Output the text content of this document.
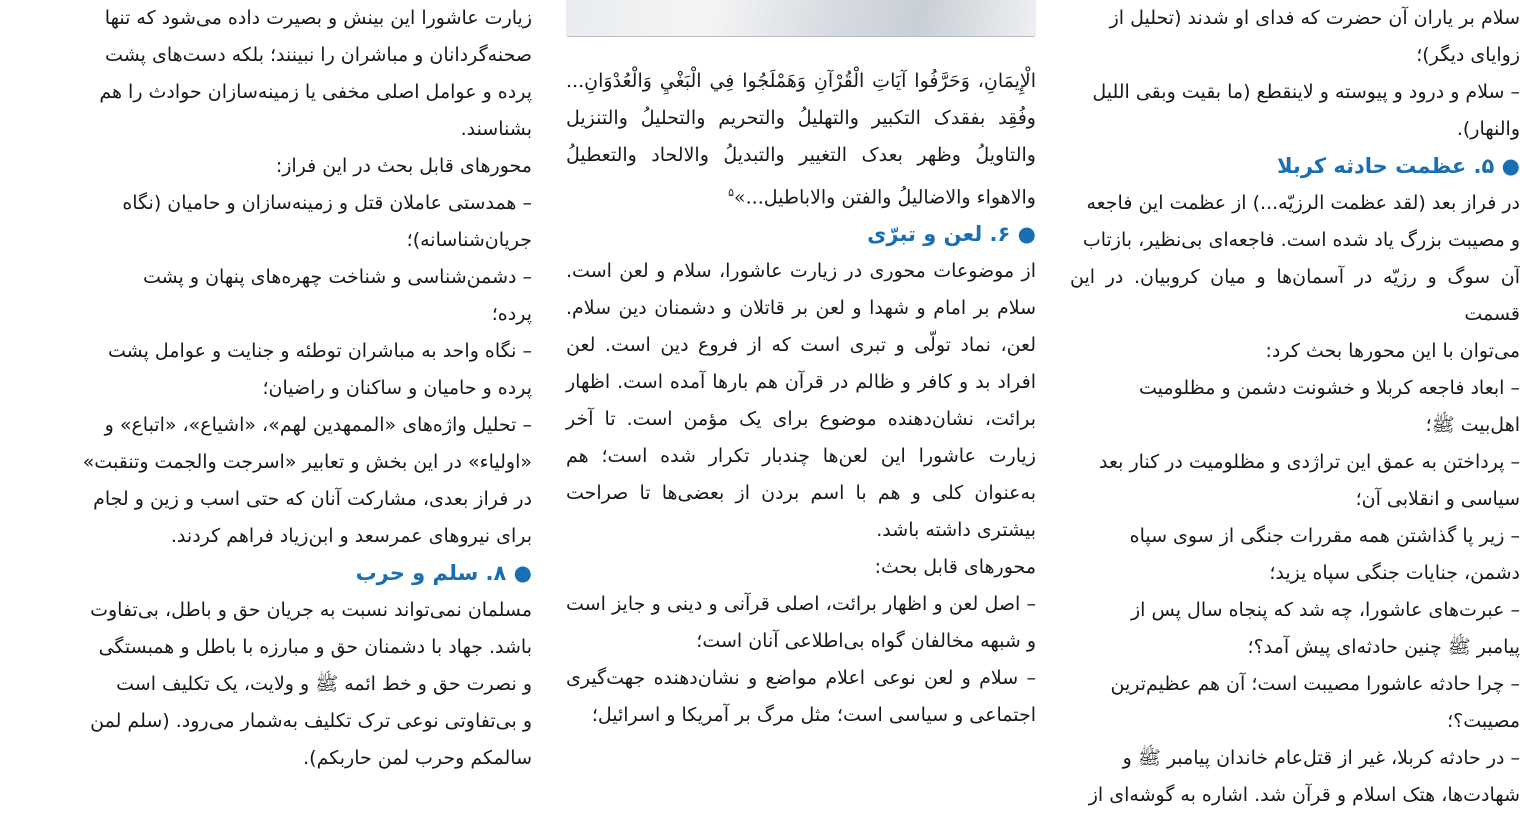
زیارت عاشورا این بینش و بصیرت داده می‌شود که تنها

صحنه‌گردانان و مباشران را نبینند؛ بلکه دست‌های پشت

پرده و عوامل اصلی مخفی یا زمینه‌سازان حوادث را هم

بشناسند.

محورهای قابل بحث در این فراز:

– همدستی عاملان قتل و زمینه‌سازان و حامیان (نگاه

جریان‌شناسانه)؛

– دشمن‌شناسی و شناخت چهره‌های پنهان و پشت

پرده؛

– نگاه واحد به مباشران توطئه و جنایت و عوامل پشت

پرده و حامیان و ساکنان و راضیان؛

– تحلیل واژه‌های «الممهدین لهم»، «اشیاع»، «اتباع» و

«اولیاء» در این بخش و تعابیر «اسرجت والجمت وتنقبت»

در فراز بعدی، مشارکت آنان که حتی اسب و زین و لجام

برای نیروهای عمرسعد و ابن‌زیاد فراهم کردند.

● ۸. سلم و حرب

مسلمان نمی‌تواند نسبت به جریان حق و باطل، بی‌تفاوت

باشد. جهاد با دشمنان حق و مبارزه با باطل و همبستگی

و نصرت حق و خط ائمه ﷺ و ولایت، یک تکلیف است

و بی‌تفاوتی نوعی ترک تکلیف به‌شمار می‌رود. (سلم لمن

سالمکم وحرب لمن حاربکم).

الْإِيمَانِ، وَحَرَّفُوا آيَاتِ الْقُرْآنِ وَهَمْلَجُوا فِي الْبَغْيِ وَالْعُدْوَانِ... وفُقِد بفقدک التکبیر والتهلیلُ والتحریم والتحلیلُ والتنزیل والتاویلُ وظهر بعدک التغییر والتبدیلُ والالحاد والتعطیلُ والاهواء والاضالیلُ والفتن والاباطیل...»$^۵$

● ۶. لعن و تبرّی

از موضوعات محوری در زیارت عاشورا، سلام و لعن است. سلام بر امام و شهدا و لعن بر قاتلان و دشمنان دین سلام. لعن، نماد تولّی و تبری است که از فروع دین است. لعن افراد بد و کافر و ظالم در قرآن هم بارها آمده است. اظهار برائت، نشان‌دهنده موضوع برای یک مؤمن است. تا آخر زیارت عاشورا این لعن‌ها چندبار تکرار شده است؛ هم به‌عنوان کلی و هم با اسم بردن از بعضی‌ها تا صراحت بیشتری داشته باشد.

محورهای قابل بحث:

– اصل لعن و اظهار برائت، اصلی قرآنی و دینی و جایز است و شبهه مخالفان گواه بی‌اطلاعی آنان است؛

– سلام و لعن نوعی اعلام مواضع و نشان‌دهنده جهت‌گیری اجتماعی و سیاسی است؛ مثل مرگ بر آمریکا و اسرائیل؛

سلام بر یاران آن حضرت که فدای او شدند (تحلیل از

زوایای دیگر)؛

– سلام و درود و پیوسته و لاینقطع (ما بقیت وبقی اللیل

والنهار).

● ۵. عظمت حادثه کربلا

در فراز بعد (لقد عظمت الرزیّه...) از عظمت این فاجعه

و مصیبت بزرگ یاد شده است. فاجعه‌ای بی‌نظیر، بازتاب

آن سوگ و رزیّه در آسمان‌ها و میان کروبیان. در این قسمت

می‌توان با این محورها بحث کرد:

– ابعاد فاجعه کربلا و خشونت دشمن و مظلومیت

اهل‌بیت ﷺ؛

– پرداختن به عمق این تراژدی و مظلومیت در کنار بعد

سیاسی و انقلابی آن؛

– زیر پا گذاشتن همه مقررات جنگی از سوی سپاه

دشمن، جنایات جنگی سپاه یزید؛

– عبرت‌های عاشورا، چه شد که پنجاه سال پس از

پیامبر ﷺ چنین حادثه‌ای پیش آمد؟؛

– چرا حادثه عاشورا مصیبت است؛ آن هم عظیم‌ترین

مصیبت؟؛

– در حادثه کربلا، غیر از قتل‌عام خاندان پیامبر ﷺ و

شهادت‌ها، هتک اسلام و قرآن شد. اشاره به گوشه‌ای از
